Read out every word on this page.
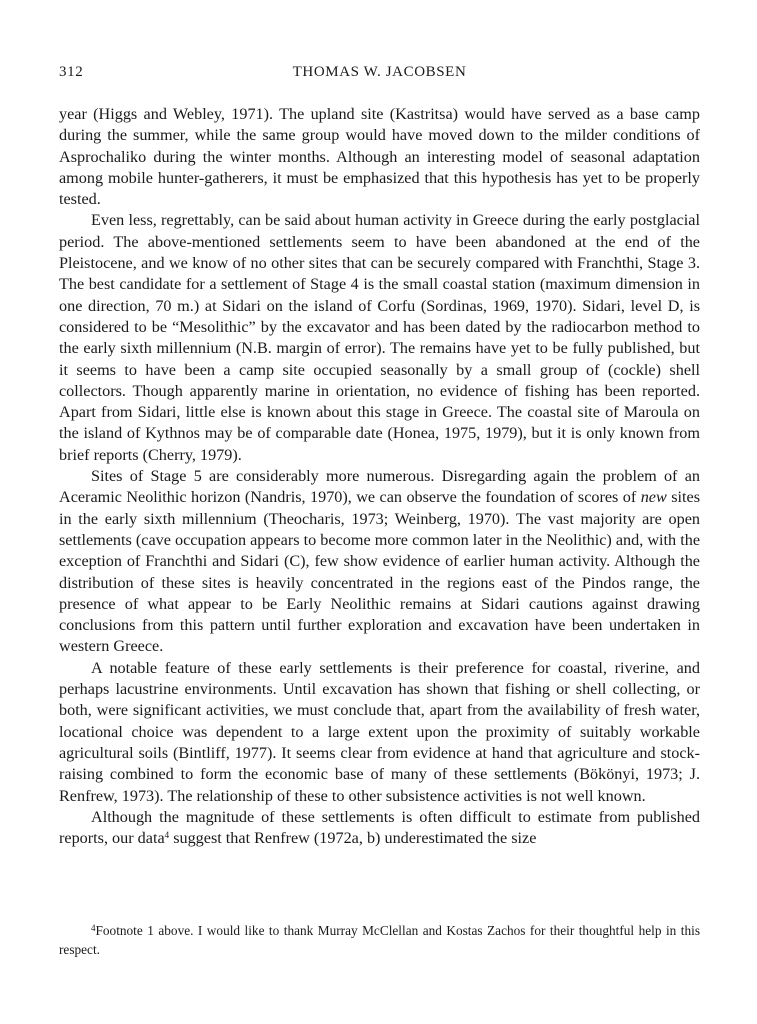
312	THOMAS W. JACOBSEN

year (Higgs and Webley, 1971). The upland site (Kastritsa) would have served as a base camp during the summer, while the same group would have moved down to the milder conditions of Asprochaliko during the winter months. Although an interesting model of seasonal adaptation among mobile hunter-gatherers, it must be emphasized that this hypothesis has yet to be properly tested.

Even less, regrettably, can be said about human activity in Greece during the early postglacial period. The above-mentioned settlements seem to have been abandoned at the end of the Pleistocene, and we know of no other sites that can be securely compared with Franchthi, Stage 3. The best candidate for a settlement of Stage 4 is the small coastal station (maximum dimension in one direction, 70 m.) at Sidari on the island of Corfu (Sordinas, 1969, 1970). Sidari, level D, is considered to be “Mesolithic” by the excavator and has been dated by the radiocarbon method to the early sixth millennium (N.B. margin of error). The remains have yet to be fully published, but it seems to have been a camp site occupied seasonally by a small group of (cockle) shell collectors. Though apparently marine in orientation, no evidence of fishing has been reported. Apart from Sidari, little else is known about this stage in Greece. The coastal site of Maroula on the island of Kythnos may be of comparable date (Honea, 1975, 1979), but it is only known from brief reports (Cherry, 1979).

Sites of Stage 5 are considerably more numerous. Disregarding again the problem of an Aceramic Neolithic horizon (Nandris, 1970), we can observe the foundation of scores of new sites in the early sixth millennium (Theocharis, 1973; Weinberg, 1970). The vast majority are open settlements (cave occupation appears to become more common later in the Neolithic) and, with the exception of Franchthi and Sidari (C), few show evidence of earlier human activity. Although the distribution of these sites is heavily concentrated in the regions east of the Pindos range, the presence of what appear to be Early Neolithic remains at Sidari cautions against drawing conclusions from this pattern until further exploration and excavation have been undertaken in western Greece.

A notable feature of these early settlements is their preference for coastal, riverine, and perhaps lacustrine environments. Until excavation has shown that fishing or shell collecting, or both, were significant activities, we must conclude that, apart from the availability of fresh water, locational choice was dependent to a large extent upon the proximity of suitably workable agricultural soils (Bintliff, 1977). It seems clear from evidence at hand that agriculture and stock-raising combined to form the economic base of many of these settlements (Bökönyi, 1973; J. Renfrew, 1973). The relationship of these to other subsistence activities is not well known.

Although the magnitude of these settlements is often difficult to estimate from published reports, our data$^4$ suggest that Renfrew (1972a, b) underestimated the size

$^4$Footnote 1 above. I would like to thank Murray McClellan and Kostas Zachos for their thoughtful help in this respect.
